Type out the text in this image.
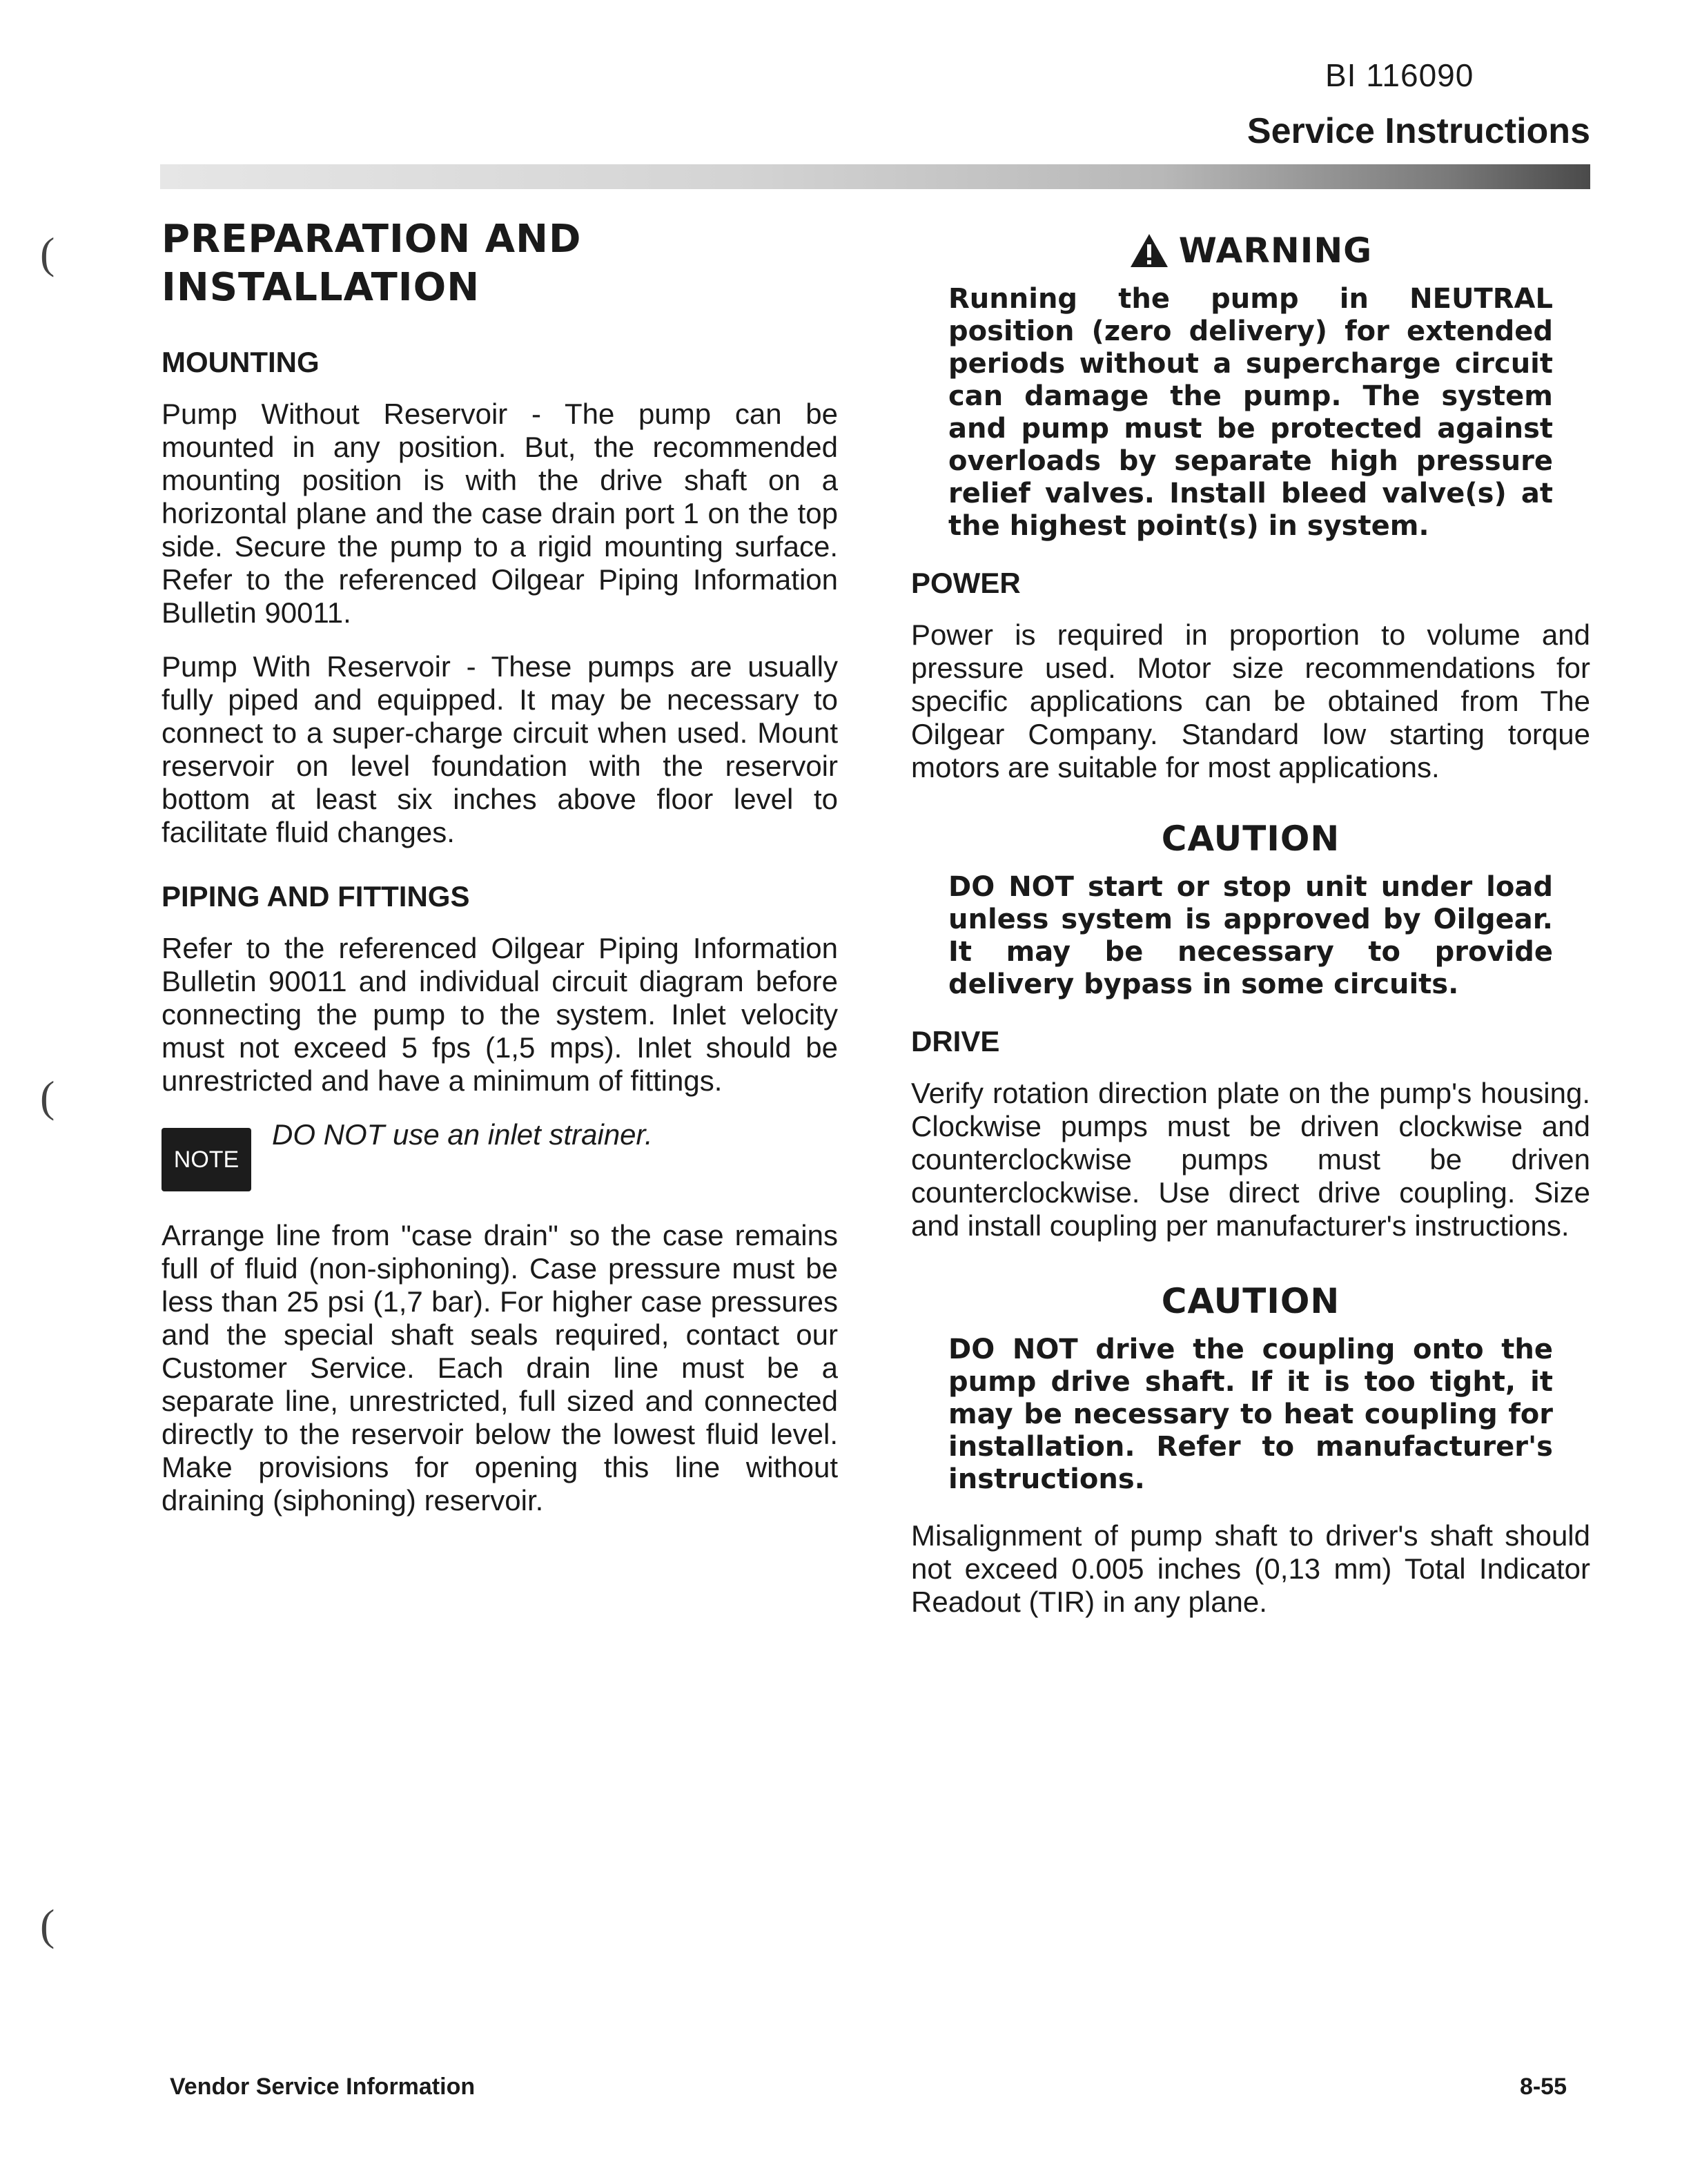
BI 116090
Service Instructions
(
(
(
PREPARATION AND
INSTALLATION
MOUNTING

Pump Without Reservoir - The pump can be mounted in any position. But, the recommended mounting position is with the drive shaft on a horizontal plane and the case drain port 1 on the top side. Secure the pump to a rigid mounting surface. Refer to the referenced Oilgear Piping Information Bulletin 90011.

Pump With Reservoir - These pumps are usually fully piped and equipped. It may be necessary to connect to a super-charge circuit when used. Mount reservoir on level foundation with the reservoir bottom at least six inches above floor level to facilitate fluid changes.

PIPING AND FITTINGS

Refer to the referenced Oilgear Piping Information Bulletin 90011 and individual circuit diagram before connecting the pump to the system. Inlet velocity must not exceed 5 fps (1,5 mps). Inlet should be unrestricted and have a minimum of fittings.

NOTE
DO NOT use an inlet strainer.

Arrange line from "case drain" so the case remains full of fluid (non-siphoning). Case pressure must be less than 25 psi (1,7 bar). For higher case pressures and the special shaft seals required, contact our Customer Service. Each drain line must be a separate line, unrestricted, full sized and connected directly to the reservoir below the lowest fluid level. Make provisions for opening this line without draining (siphoning) reservoir.

WARNING
Running the pump in NEUTRAL position (zero delivery) for extended periods without a supercharge circuit can damage the pump. The system and pump must be protected against overloads by separate high pressure relief valves. Install bleed valve(s) at the highest point(s) in system.
POWER

Power is required in proportion to volume and pressure used. Motor size recommendations for specific applications can be obtained from The Oilgear Company. Standard low starting torque motors are suitable for most applications.

CAUTION
DO NOT start or stop unit under load unless system is approved by Oilgear. It may be necessary to provide delivery bypass in some circuits.
DRIVE

Verify rotation direction plate on the pump's housing. Clockwise pumps must be driven clockwise and counterclockwise pumps must be driven counterclockwise. Use direct drive coupling. Size and install coupling per manufacturer's instructions.

CAUTION
DO NOT drive the coupling onto the pump drive shaft. If it is too tight, it may be necessary to heat coupling for installation. Refer to manufacturer's instructions.

Misalignment of pump shaft to driver's shaft should not exceed 0.005 inches (0,13 mm) Total Indicator Readout (TIR) in any plane.

Vendor Service Information	8-55
